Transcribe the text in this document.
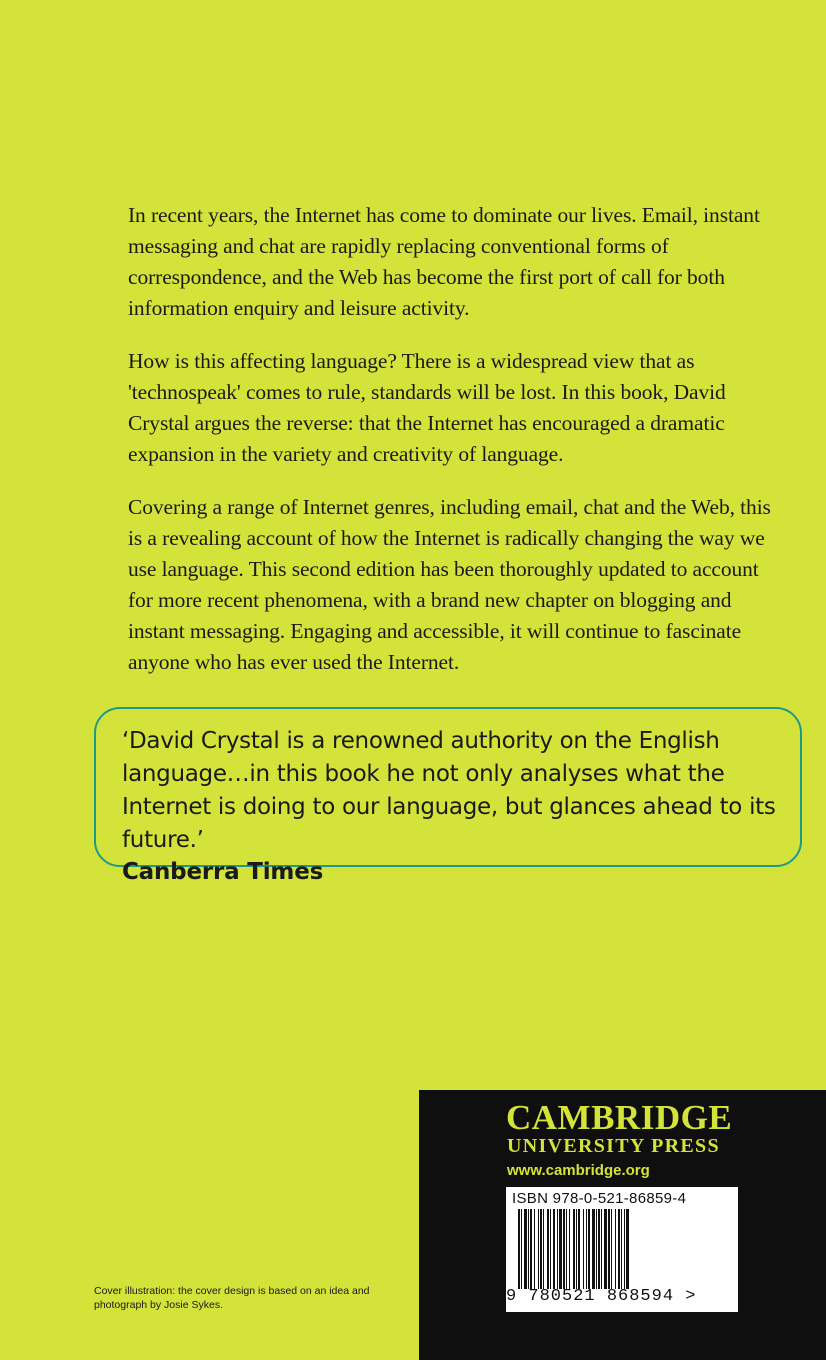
In recent years, the Internet has come to dominate our lives. Email, instant messaging and chat are rapidly replacing conventional forms of correspondence, and the Web has become the first port of call for both information enquiry and leisure activity.

How is this affecting language? There is a widespread view that as 'technospeak' comes to rule, standards will be lost. In this book, David Crystal argues the reverse: that the Internet has encouraged a dramatic expansion in the variety and creativity of language.

Covering a range of Internet genres, including email, chat and the Web, this is a revealing account of how the Internet is radically changing the way we use language. This second edition has been thoroughly updated to account for more recent phenomena, with a brand new chapter on blogging and instant messaging. Engaging and accessible, it will continue to fascinate anyone who has ever used the Internet.

‘David Crystal is a renowned authority on the English language…in this book he not only analyses what the Internet is doing to our language, but glances ahead to its future.’
Canberra Times
Cover illustration: the cover design is based on an idea and photograph by Josie Sykes.
CAMBRIDGE
UNIVERSITY PRESS
www.cambridge.org
ISBN 978-0-521-86859-4
9 780521 868594 >
